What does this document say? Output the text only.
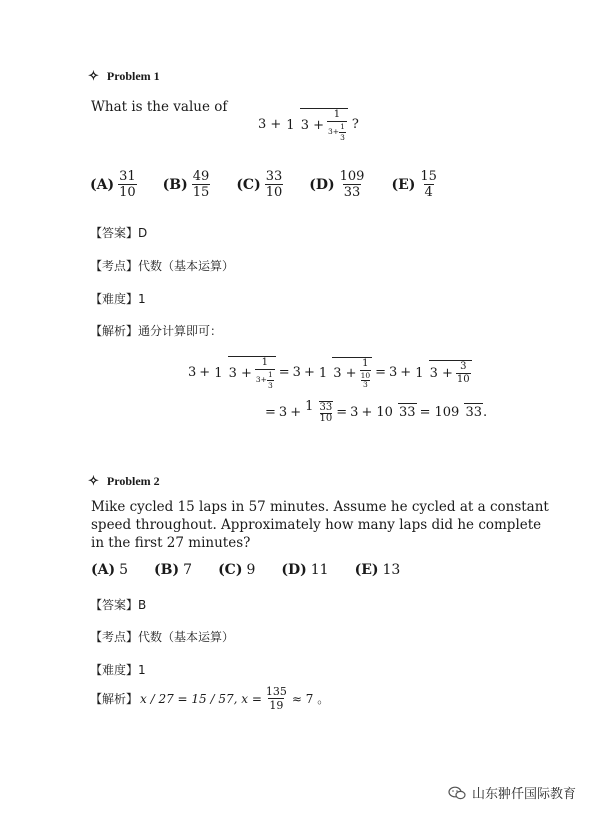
✧ Problem 1
What is the value of
3 + 1 $3 + \frac{1}{3+ \frac{1}{3}}$ ?
$(A) \frac{31}{10} (B) \frac{49}{15} (C) \frac{33}{10} (D) \frac{109}{33} (E) \frac{15}{4}$
【答案】D
【考点】代数（基本运算）
【难度】1
【解析】通分计算即可：
3 + 1 $3 + \frac{1}{3+ \frac{1}{3}} = 3 + 1$ 3 + 1
10
3 = 3 + 1 $3 + \frac{3}{10}$
= $3 + 1 \frac{33}{10} = 3 + 10$ 33 = 109 33 .
✧ Problem 2
Mike cycled 15 laps in 57 minutes. Assume he cycled at a constant
speed throughout. Approximately how many laps did he complete
in the first 27 minutes?
(A) 5 (B) 7 (C) 9 (D) 11 (E) 13
【答案】B
【考点】代数（基本运算）
【难度】1
【解析】 x / 27 = 15 / 57, $x = \frac{135}{19} \approx 7$ 。
山东翀仟国际教育
